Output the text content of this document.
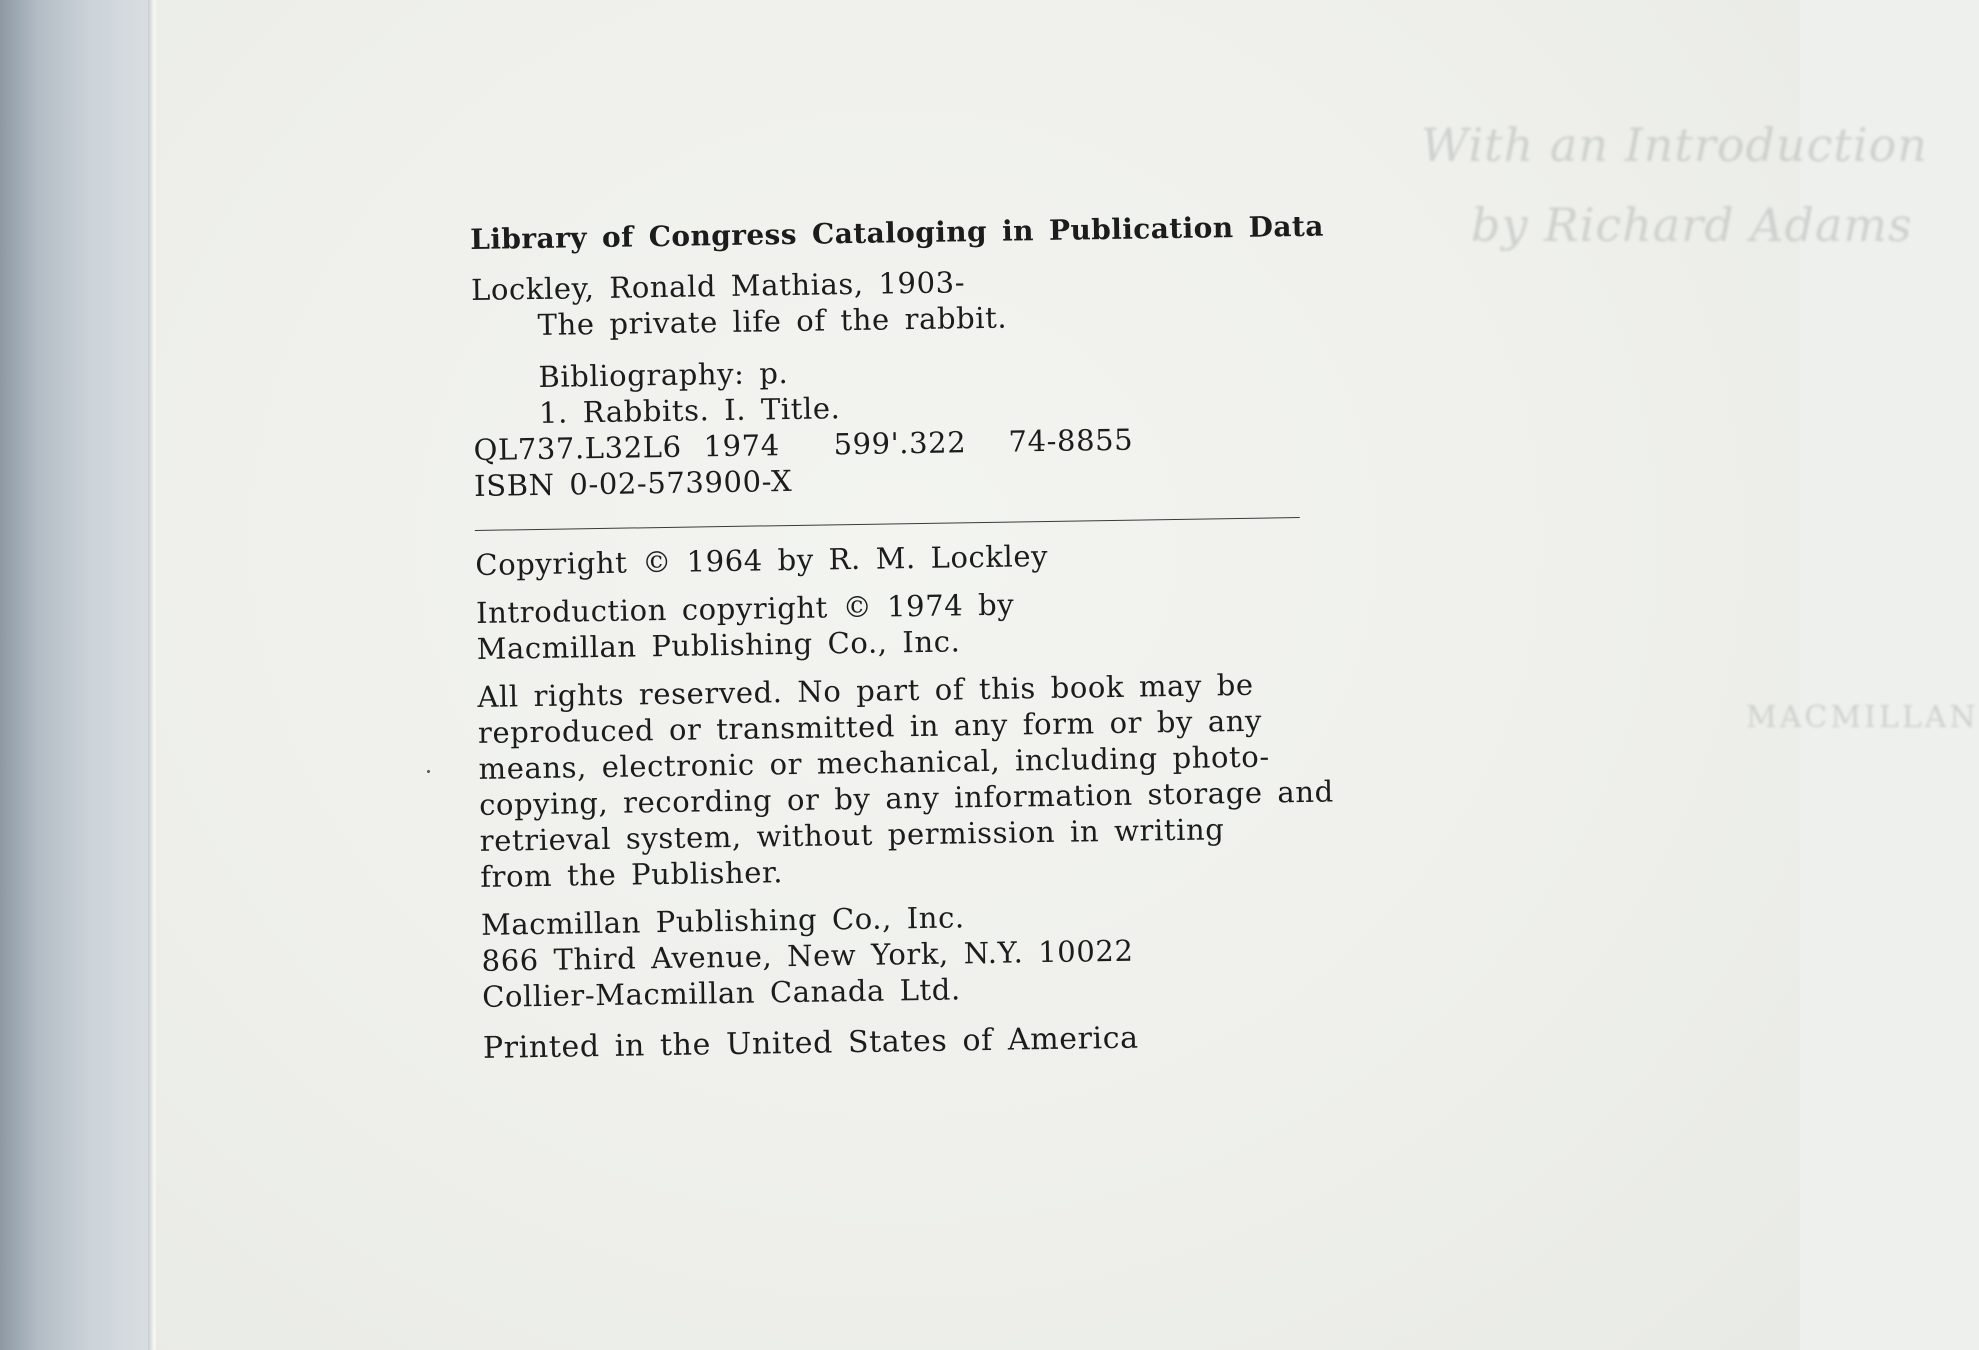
With an Introduction
by Richard Adams
MACMILLAN
Library of Congress Cataloging in Publication Data
Lockley, Ronald Mathias, 1903-
The private life of the rabbit.
Bibliography: p.
1. Rabbits. I. Title.
QL737.L32L6 1974	599'.322	74-8855
ISBN 0-02-573900-X
Copyright © 1964 by R. M. Lockley
Introduction copyright © 1974 by
Macmillan Publishing Co., Inc.
All rights reserved. No part of this book may be
reproduced or transmitted in any form or by any
means, electronic or mechanical, including photo-
copying, recording or by any information storage and
retrieval system, without permission in writing
from the Publisher.
Macmillan Publishing Co., Inc.
866 Third Avenue, New York, N.Y. 10022
Collier-Macmillan Canada Ltd.
Printed in the United States of America
